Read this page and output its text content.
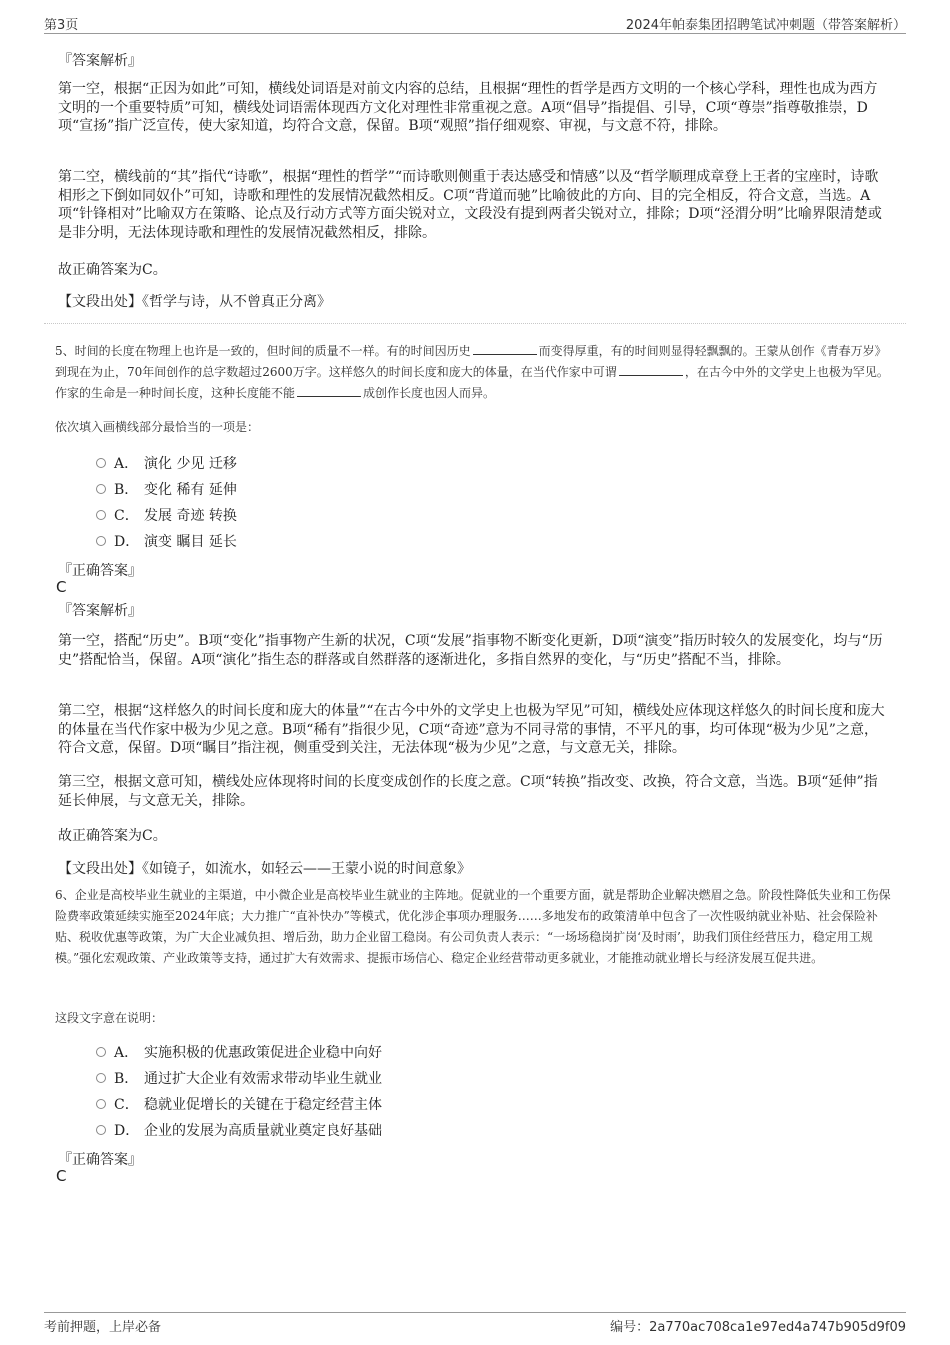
第3页	2024年帕泰集团招聘笔试冲刺题（带答案解析）
『答案解析』

第一空，根据“正因为如此”可知，横线处词语是对前文内容的总结，且根据“理性的哲学是西方文明的一个核心学科，理性也成为西方文明的一个重要特质”可知，横线处词语需体现西方文化对理性非常重视之意。A项“倡导”指提倡、引导，C项“尊崇”指尊敬推崇，D项“宣扬”指广泛宣传，使大家知道，均符合文意，保留。B项“观照”指仔细观察、审视，与文意不符，排除。

第二空，横线前的“其”指代“诗歌”，根据“理性的哲学”“而诗歌则侧重于表达感受和情感”以及“哲学顺理成章登上王者的宝座时，诗歌相形之下倒如同奴仆”可知，诗歌和理性的发展情况截然相反。C项“背道而驰”比喻彼此的方向、目的完全相反，符合文意，当选。A项“针锋相对”比喻双方在策略、论点及行动方式等方面尖锐对立，文段没有提到两者尖锐对立，排除；D项“泾渭分明”比喻界限清楚或是非分明，无法体现诗歌和理性的发展情况截然相反，排除。

故正确答案为C。
【文段出处】《哲学与诗，从不曾真正分离》

5、时间的长度在物理上也许是一致的，但时间的质量不一样。有的时间因历史	而变得厚重，有的时间则显得轻飘飘的。王蒙从创作《青春万岁》到现在为止，70年间创作的总字数超过2600万字。这样悠久的时间长度和庞大的体量，在当代作家中可谓	，在古今中外的文学史上也极为罕见。作家的生命是一种时间长度，这种长度能不能	成创作长度也因人而异。

依次填入画横线部分最恰当的一项是：
A． 演化 少见 迁移
B． 变化 稀有 延伸
C． 发展 奇迹 转换
D． 演变 瞩目 延长
『正确答案』
C
『答案解析』

第一空，搭配“历史”。B项“变化”指事物产生新的状况，C项“发展”指事物不断变化更新，D项“演变”指历时较久的发展变化，均与“历史”搭配恰当，保留。A项“演化”指生态的群落或自然群落的逐渐进化，多指自然界的变化，与“历史”搭配不当，排除。

第二空，根据“这样悠久的时间长度和庞大的体量”“在古今中外的文学史上也极为罕见”可知，横线处应体现这样悠久的时间长度和庞大的体量在当代作家中极为少见之意。B项“稀有”指很少见，C项“奇迹”意为不同寻常的事情，不平凡的事，均可体现“极为少见”之意，符合文意，保留。D项“瞩目”指注视，侧重受到关注，无法体现“极为少见”之意，与文意无关，排除。

第三空，根据文意可知，横线处应体现将时间的长度变成创作的长度之意。C项“转换”指改变、改换，符合文意，当选。B项“延伸”指延长伸展，与文意无关，排除。

故正确答案为C。
【文段出处】《如镜子，如流水，如轻云——王蒙小说的时间意象》

6、企业是高校毕业生就业的主渠道，中小微企业是高校毕业生就业的主阵地。促就业的一个重要方面，就是帮助企业解决燃眉之急。阶段性降低失业和工伤保险费率政策延续实施至2024年底；大力推广“直补快办”等模式，优化涉企事项办理服务……多地发布的政策清单中包含了一次性吸纳就业补贴、社会保险补贴、税收优惠等政策，为广大企业减负担、增后劲，助力企业留工稳岗。有公司负责人表示：“一场场稳岗扩岗‘及时雨’，助我们顶住经营压力，稳定用工规模。”强化宏观政策、产业政策等支持，通过扩大有效需求、提振市场信心、稳定企业经营带动更多就业，才能推动就业增长与经济发展互促共进。

这段文字意在说明：
A． 实施积极的优惠政策促进企业稳中向好
B． 通过扩大企业有效需求带动毕业生就业
C． 稳就业促增长的关键在于稳定经营主体
D． 企业的发展为高质量就业奠定良好基础
『正确答案』
C
考前押题，上岸必备	编号：2a770ac708ca1e97ed4a747b905d9f09
